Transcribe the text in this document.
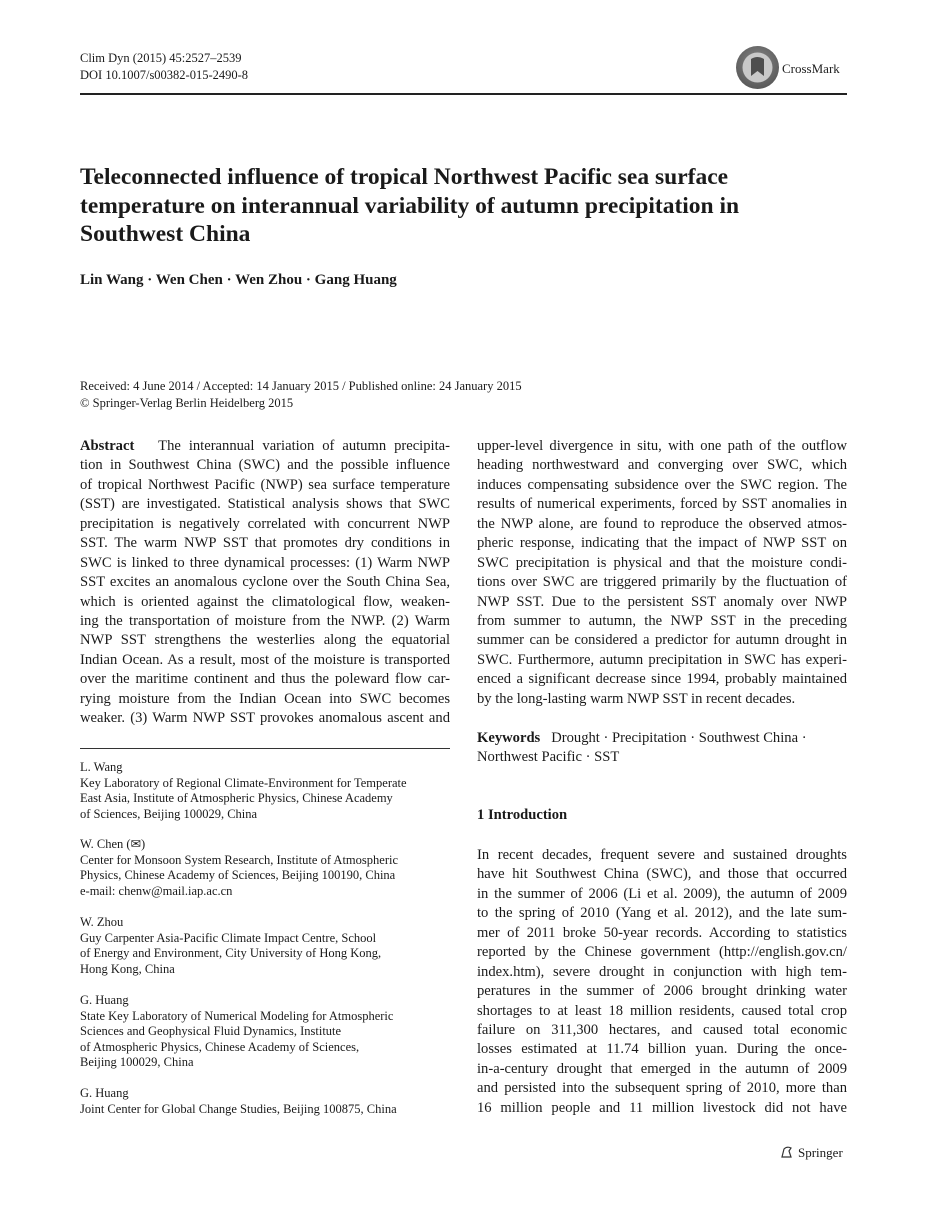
Clim Dyn (2015) 45:2527–2539
DOI 10.1007/s00382-015-2490-8	CrossMark
Teleconnected influence of tropical Northwest Pacific sea surface temperature on interannual variability of autumn precipitation in Southwest China
Lin Wang · Wen Chen · Wen Zhou · Gang Huang
Received: 4 June 2014 / Accepted: 14 January 2015 / Published online: 24 January 2015
© Springer-Verlag Berlin Heidelberg 2015
Abstract The interannual variation of autumn precipita-
tion in Southwest China (SWC) and the possible influence
of tropical Northwest Pacific (NWP) sea surface temperature
(SST) are investigated. Statistical analysis shows that SWC
precipitation is negatively correlated with concurrent NWP
SST. The warm NWP SST that promotes dry conditions in
SWC is linked to three dynamical processes: (1) Warm NWP
SST excites an anomalous cyclone over the South China Sea,
which is oriented against the climatological flow, weaken-
ing the transportation of moisture from the NWP. (2) Warm
NWP SST strengthens the westerlies along the equatorial
Indian Ocean. As a result, most of the moisture is transported
over the maritime continent and thus the poleward flow car-
rying moisture from the Indian Ocean into SWC becomes
weaker. (3) Warm NWP SST provokes anomalous ascent and
upper-level divergence in situ, with one path of the outflow
heading northwestward and converging over SWC, which
induces compensating subsidence over the SWC region. The
results of numerical experiments, forced by SST anomalies in
the NWP alone, are found to reproduce the observed atmos-
pheric response, indicating that the impact of NWP SST on
SWC precipitation is physical and that the moisture condi-
tions over SWC are triggered primarily by the fluctuation of
NWP SST. Due to the persistent SST anomaly over NWP
from summer to autumn, the NWP SST in the preceding
summer can be considered a predictor for autumn drought in
SWC. Furthermore, autumn precipitation in SWC has experi-
enced a significant decrease since 1994, probably maintained
by the long-lasting warm NWP SST in recent decades.
Keywords Drought · Precipitation · Southwest China ·
Northwest Pacific · SST
L. Wang
Key Laboratory of Regional Climate-Environment for Temperate
East Asia, Institute of Atmospheric Physics, Chinese Academy
of Sciences, Beijing 100029, China
W. Chen (✉)
Center for Monsoon System Research, Institute of Atmospheric
Physics, Chinese Academy of Sciences, Beijing 100190, China
e-mail: chenw@mail.iap.ac.cn
W. Zhou
Guy Carpenter Asia-Pacific Climate Impact Centre, School
of Energy and Environment, City University of Hong Kong,
Hong Kong, China
G. Huang
State Key Laboratory of Numerical Modeling for Atmospheric
Sciences and Geophysical Fluid Dynamics, Institute
of Atmospheric Physics, Chinese Academy of Sciences,
Beijing 100029, China
G. Huang
Joint Center for Global Change Studies, Beijing 100875, China
1 Introduction
In recent decades, frequent severe and sustained droughts
have hit Southwest China (SWC), and those that occurred
in the summer of 2006 (Li et al. 2009), the autumn of 2009
to the spring of 2010 (Yang et al. 2012), and the late sum-
mer of 2011 broke 50-year records. According to statistics
reported by the Chinese government (http://english.gov.cn/
index.htm), severe drought in conjunction with high tem-
peratures in the summer of 2006 brought drinking water
shortages to at least 18 million residents, caused total crop
failure on 311,300 hectares, and caused total economic
losses estimated at 11.74 billion yuan. During the once-
in-a-century drought that emerged in the autumn of 2009
and persisted into the subsequent spring of 2010, more than
16 million people and 11 million livestock did not have
Springer
